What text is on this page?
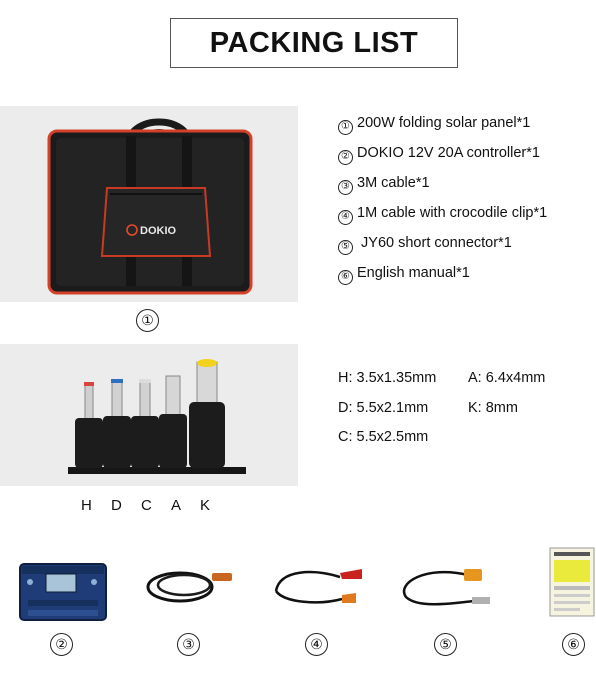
PACKING LIST
DOKIO
①
① 200W folding solar panel*1
② DOKIO 12V 20A controller*1
③ 3M cable*1
④ 1M cable with crocodile clip*1
⑤ JY60 short connector*1
⑥ English manual*1
H D C A K
H: 3.5x1.35mm A: 6.4x4mm
D: 5.5x2.1mm	K: 8mm
C: 5.5x2.5mm
②	③	④	⑤	⑥
